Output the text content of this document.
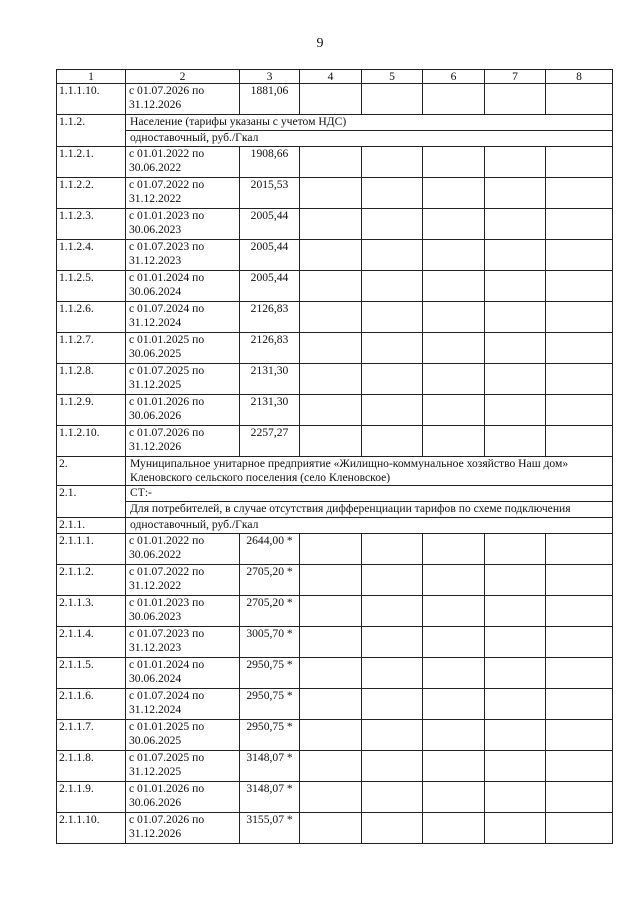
9
1	2	3	4	5	6	7	8
1.1.1.10.	с 01.07.2026 по 31.12.2026	1881,06					
1.1.2.	Население (тарифы указаны с учетом НДС)						
	одноставочный, руб./Гкал						
1.1.2.1.	с 01.01.2022 по 30.06.2022	1908,66					
1.1.2.2.	с 01.07.2022 по 31.12.2022	2015,53					
1.1.2.3.	с 01.01.2023 по 30.06.2023	2005,44					
1.1.2.4.	с 01.07.2023 по 31.12.2023	2005,44					
1.1.2.5.	с 01.01.2024 по 30.06.2024	2005,44					
1.1.2.6.	с 01.07.2024 по 31.12.2024	2126,83					
1.1.2.7.	с 01.01.2025 по 30.06.2025	2126,83					
1.1.2.8.	с 01.07.2025 по 31.12.2025	2131,30					
1.1.2.9.	с 01.01.2026 по 30.06.2026	2131,30					
1.1.2.10.	с 01.07.2026 по 31.12.2026	2257,27					
2.	Муниципальное унитарное предприятие «Жилищно-коммунальное хозяйство Наш дом» Кленовского сельского поселения (село Кленовское)						
2.1.	СТ:-						
	Для потребителей, в случае отсутствия дифференциации тарифов по схеме подключения						
2.1.1.	одноставочный, руб./Гкал						
2.1.1.1.	с 01.01.2022 по 30.06.2022	2644,00 *					
2.1.1.2.	с 01.07.2022 по 31.12.2022	2705,20 *					
2.1.1.3.	с 01.01.2023 по 30.06.2023	2705,20 *					
2.1.1.4.	с 01.07.2023 по 31.12.2023	3005,70 *					
2.1.1.5.	с 01.01.2024 по 30.06.2024	2950,75 *					
2.1.1.6.	с 01.07.2024 по 31.12.2024	2950,75 *					
2.1.1.7.	с 01.01.2025 по 30.06.2025	2950,75 *					
2.1.1.8.	с 01.07.2025 по 31.12.2025	3148,07 *					
2.1.1.9.	с 01.01.2026 по 30.06.2026	3148,07 *					
2.1.1.10.	с 01.07.2026 по 31.12.2026	3155,07 *					
